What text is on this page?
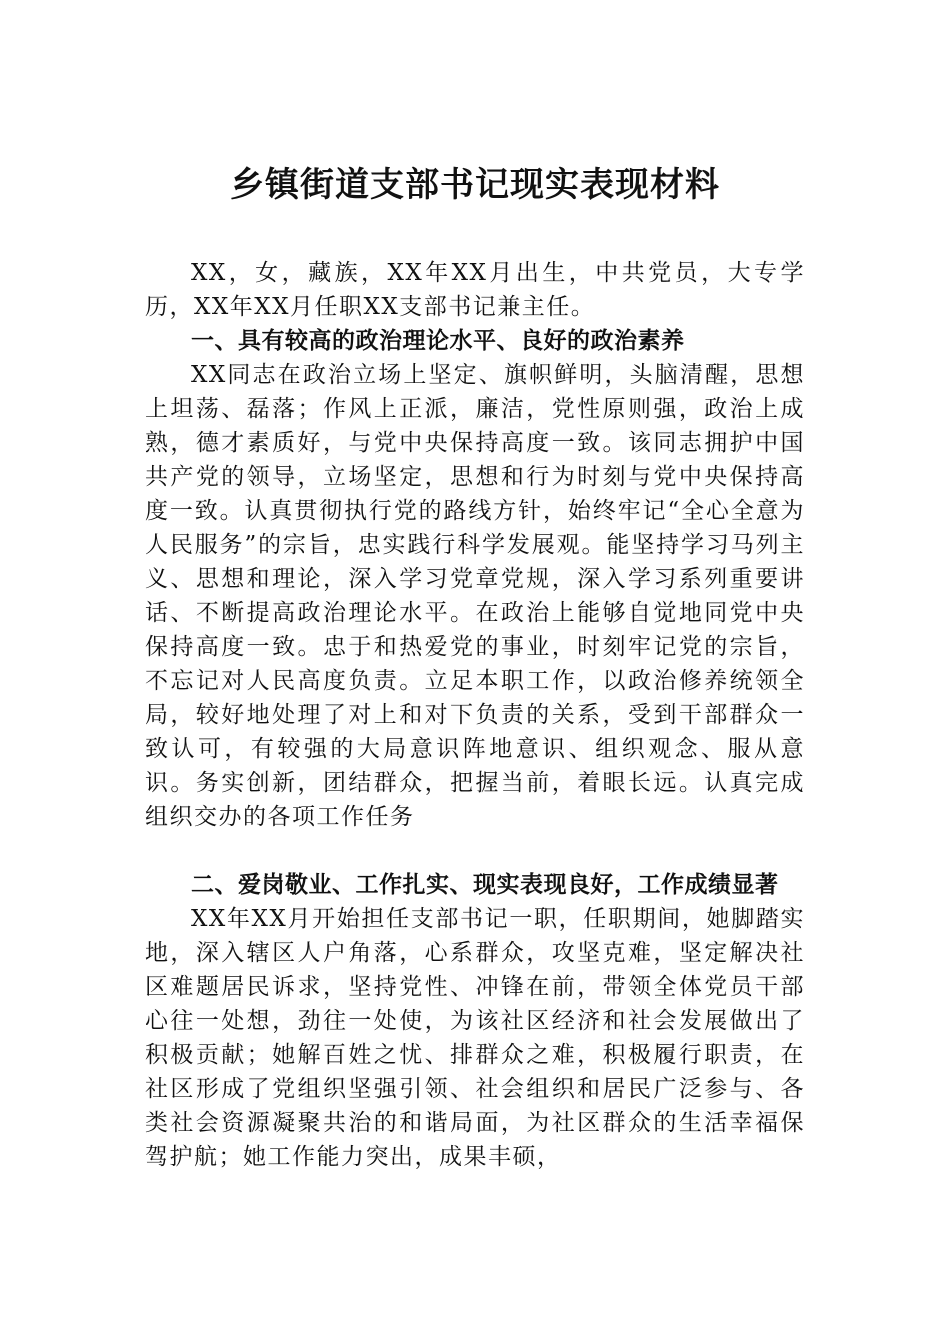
乡镇街道支部书记现实表现材料

XX，女，藏族，XX年XX月出生，中共党员，大专学历，XX年XX月任职XX支部书记兼主任。

一、具有较高的政治理论水平、良好的政治素养

XX同志在政治立场上坚定、旗帜鲜明，头脑清醒，思想上坦荡、磊落；作风上正派，廉洁，党性原则强，政治上成熟，德才素质好，与党中央保持高度一致。该同志拥护中国共产党的领导，立场坚定，思想和行为时刻与党中央保持高度一致。认真贯彻执行党的路线方针，始终牢记“全心全意为人民服务”的宗旨，忠实践行科学发展观。能坚持学习马列主义、思想和理论，深入学习党章党规，深入学习系列重要讲话、不断提高政治理论水平。在政治上能够自觉地同党中央保持高度一致。忠于和热爱党的事业，时刻牢记党的宗旨，不忘记对人民高度负责。立足本职工作，以政治修养统领全局，较好地处理了对上和对下负责的关系，受到干部群众一致认可，有较强的大局意识阵地意识、组织观念、服从意识。务实创新，团结群众，把握当前，着眼长远。认真完成组织交办的各项工作任务

二、爱岗敬业、工作扎实、现实表现良好，工作成绩显著

XX年XX月开始担任支部书记一职，任职期间，她脚踏实地，深入辖区人户角落，心系群众，攻坚克难，坚定解决社区难题居民诉求，坚持党性、冲锋在前，带领全体党员干部心往一处想，劲往一处使，为该社区经济和社会发展做出了积极贡献；她解百姓之忧、排群众之难，积极履行职责，在社区形成了党组织坚强引领、社会组织和居民广泛参与、各类社会资源凝聚共治的和谐局面，为社区群众的生活幸福保驾护航；她工作能力突出，成果丰硕，
